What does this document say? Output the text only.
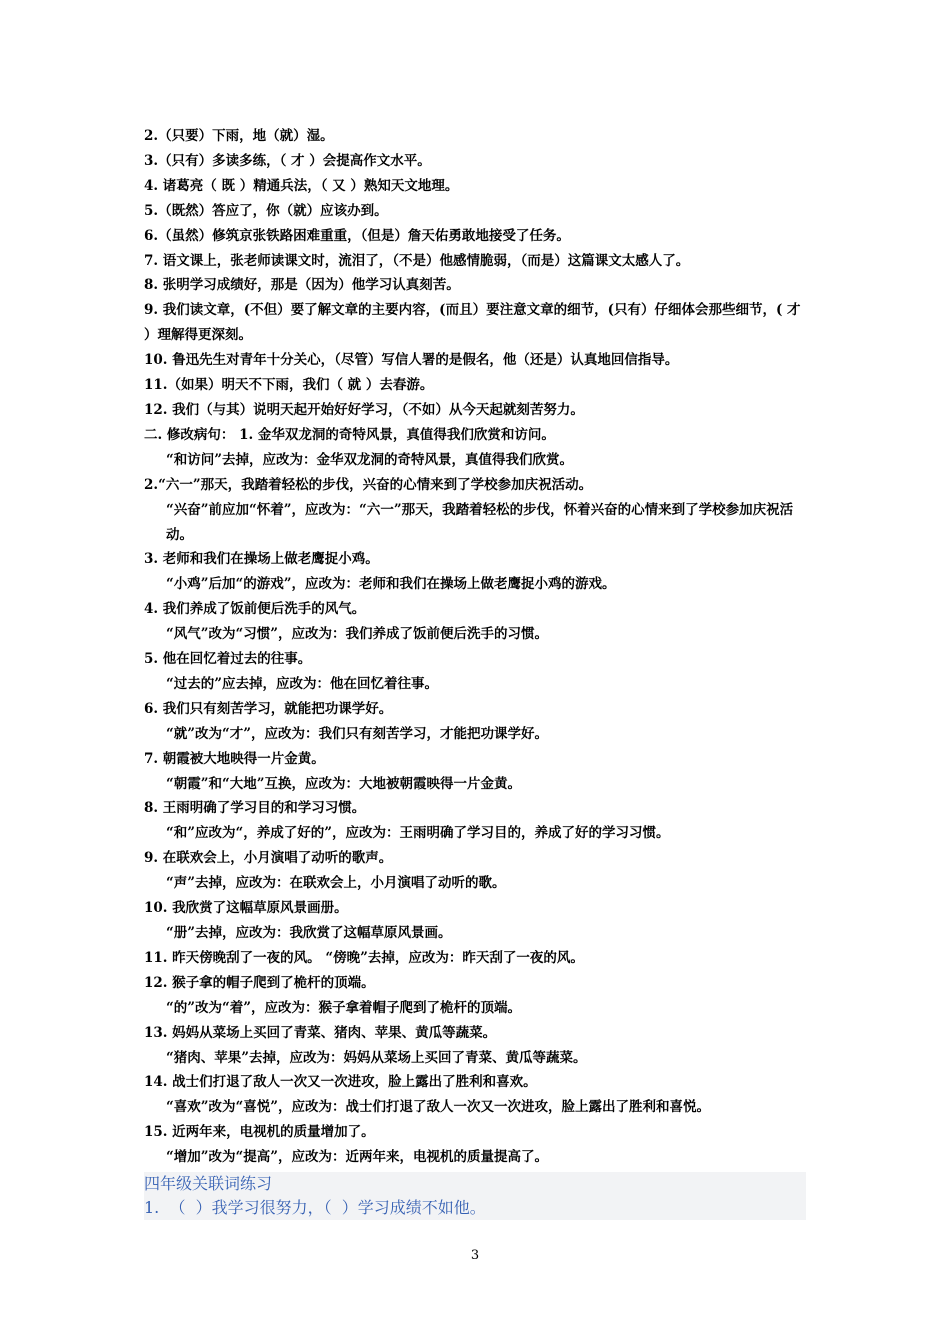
2.（只要）下雨，地（就）湿。
3.（只有）多读多练，（ 才 ）会提高作文水平。
4. 诸葛亮（ 既 ）精通兵法，（ 又 ）熟知天文地理。
5.（既然）答应了，你（就）应该办到。
6.（虽然）修筑京张铁路困难重重，（但是）詹天佑勇敢地接受了任务。
7. 语文课上，张老师读课文时，流泪了，（不是）他感情脆弱，（而是）这篇课文太感人了。
8. 张明学习成绩好，那是（因为）他学习认真刻苦。
9. 我们读文章，(不但）要了解文章的主要内容，(而且）要注意文章的细节，(只有）仔细体会那些细节，( 才 ）理解得更深刻。
10. 鲁迅先生对青年十分关心，（尽管）写信人署的是假名，他（还是）认真地回信指导。
11.（如果）明天不下雨，我们（ 就 ）去春游。
12. 我们（与其）说明天起开始好好学习，（不如）从今天起就刻苦努力。
二. 修改病句： 1. 金华双龙洞的奇特风景，真值得我们欣赏和访问。
“和访问”去掉，应改为：金华双龙洞的奇特风景，真值得我们欣赏。
2.“六一”那天，我踏着轻松的步伐，兴奋的心情来到了学校参加庆祝活动。
“兴奋”前应加“怀着”，应改为：“六一”那天，我踏着轻松的步伐，怀着兴奋的心情来到了学校参加庆祝活动。
3. 老师和我们在操场上做老鹰捉小鸡。
“小鸡”后加“的游戏”，应改为：老师和我们在操场上做老鹰捉小鸡的游戏。
4. 我们养成了饭前便后洗手的风气。
“风气”改为“习惯”，应改为：我们养成了饭前便后洗手的习惯。
5. 他在回忆着过去的往事。
“过去的”应去掉，应改为：他在回忆着往事。
6. 我们只有刻苦学习，就能把功课学好。
“就”改为“才”，应改为：我们只有刻苦学习，才能把功课学好。
7. 朝霞被大地映得一片金黄。
“朝霞”和“大地”互换，应改为：大地被朝霞映得一片金黄。
8. 王雨明确了学习目的和学习习惯。
“和”应改为“，养成了好的”，应改为：王雨明确了学习目的，养成了好的学习习惯。
9. 在联欢会上，小月演唱了动听的歌声。
“声”去掉，应改为：在联欢会上，小月演唱了动听的歌。
10. 我欣赏了这幅草原风景画册。
“册”去掉，应改为：我欣赏了这幅草原风景画。
11. 昨天傍晚刮了一夜的风。 “傍晚”去掉，应改为：昨天刮了一夜的风。
12. 猴子拿的帽子爬到了桅杆的顶端。
“的”改为“着”，应改为：猴子拿着帽子爬到了桅杆的顶端。
13. 妈妈从菜场上买回了青菜、猪肉、苹果、黄瓜等蔬菜。
“猪肉、苹果”去掉，应改为：妈妈从菜场上买回了青菜、黄瓜等蔬菜。
14. 战士们打退了敌人一次又一次进攻，脸上露出了胜利和喜欢。
“喜欢”改为“喜悦”，应改为：战士们打退了敌人一次又一次进攻，脸上露出了胜利和喜悦。
15. 近两年来，电视机的质量增加了。
“增加”改为“提高”，应改为：近两年来，电视机的质量提高了。
四年级关联词练习
1.  （  ）我学习很努力，（  ）学习成绩不如他。
3
